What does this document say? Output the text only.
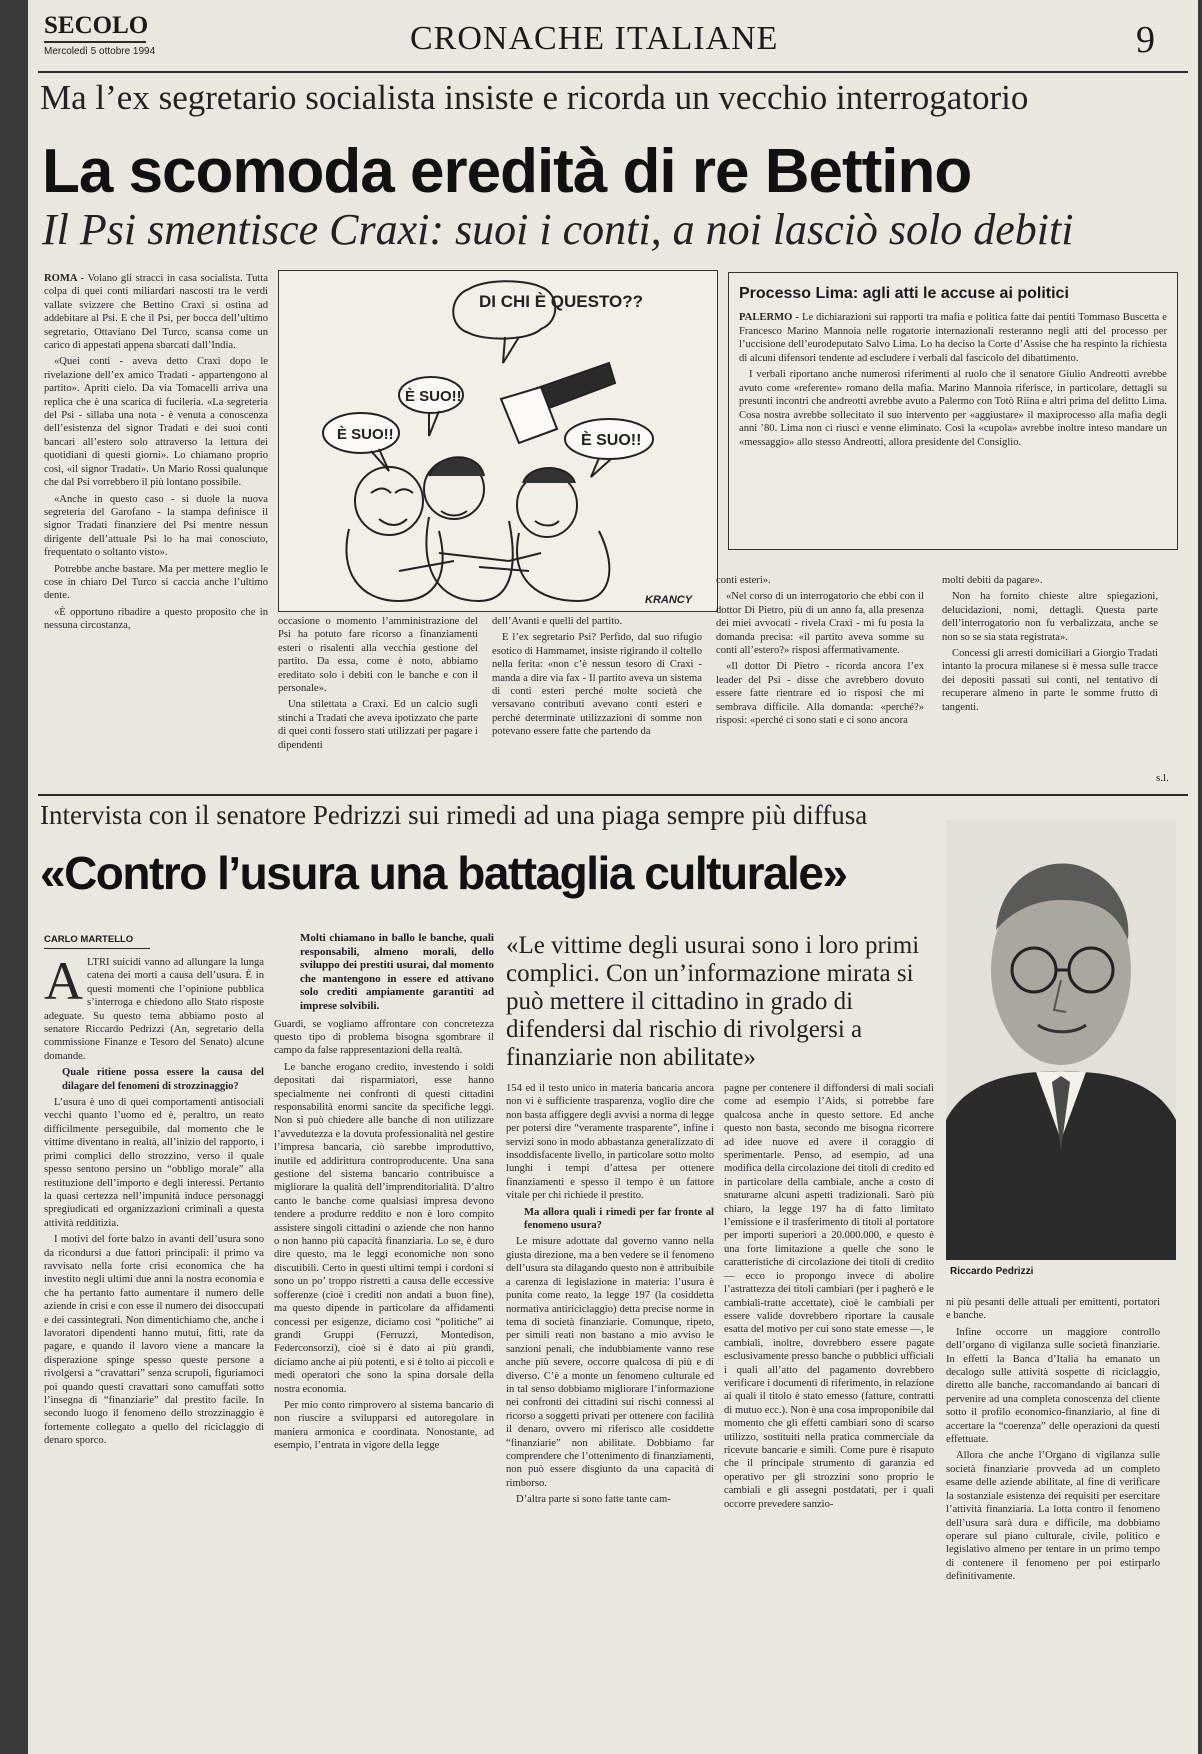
SECOLO
Mercoledì 5 ottobre 1994	CRONACHE ITALIANE	9
Ma l’ex segretario socialista insiste e ricorda un vecchio interrogatorio
La scomoda eredità di re Bettino
Il Psi smentisce Craxi: suoi i conti, a noi lasciò solo debiti

ROMA - Volano gli stracci in casa socialista. Tutta colpa di quei conti miliardari nascosti tra le verdi vallate svizzere che Bettino Craxi si ostina ad addebitare al Psi. E che il Psi, per bocca dell’ultimo segretario, Ottaviano Del Turco, scansa come un carico di appestati appena sbarcati dall’India.

«Quei conti - aveva detto Craxi dopo le rivelazione dell’ex amico Tradati - appartengono al partito». Apriti cielo. Da via Tomacelli arriva una replica che è una scarica di fucileria. «La segreteria del Psi - sillaba una nota - è venuta a conoscenza dell’esistenza del signor Tradati e dei suoi conti bancari all’estero solo attraverso la lettura dei quotidiani di questi giorni». Lo chiamano proprio così, «il signor Tradati». Un Mario Rossi qualunque che dal Psi vorrebbero il più lontano possibile.

«Anche in questo caso - si duole la nuova segreteria del Garofano - la stampa definisce il signor Tradati finanziere del Psi mentre nessun dirigente dell’attuale Psi lo ha mai conosciuto, frequentato o soltanto visto».

Potrebbe anche bastare. Ma per mettere meglio le cose in chiaro Del Turco si caccia anche l’ultimo dente.

«È opportuno ribadire a questo proposito che in nessuna circostanza,

DI CHI È QUESTO??
È SUO!!
È SUO!!
È SUO!!
KRANCY
Processo Lima: agli atti le accuse ai politici

PALERMO - Le dichiarazioni sui rapporti tra mafia e politica fatte dai pentiti Tommaso Buscetta e Francesco Marino Mannoia nelle rogatorie internazionali resteranno negli atti del processo per l’uccisione dell’eurodeputato Salvo Lima. Lo ha deciso la Corte d’Assise che ha respinto la richiesta di alcuni difensori tendente ad escludere i verbali dal fascicolo del dibattimento.

I verbali riportano anche numerosi riferimenti al ruolo che il senatore Giulio Andreotti avrebbe avuto come «referente» romano della mafia. Marino Mannoia riferisce, in particolare, dettagli su presunti incontri che andreotti avrebbe avuto a Palermo con Totò Riina e altri prima del delitto Lima. Cosa nostra avrebbe sollecitato il suo intervento per «aggiustare» il maxiprocesso alla mafia degli anni ’80. Lima non ci riuscì e venne eliminato. Così la «cupola» avrebbe inoltre inteso mandare un «messaggio» allo stesso Andreotti, allora presidente del Consiglio.

occasione o momento l’amministrazione del Psi ha potuto fare ricorso a finanziamenti esteri o risalenti alla vecchia gestione del partito. Da essa, come è noto, abbiamo ereditato solo i debiti con le banche e con il personale».

Una stilettata a Craxi. Ed un calcio sugli stinchi a Tradati che aveva ipotizzato che parte di quei conti fossero stati utilizzati per pagare i dipendenti

dell’Avanti e quelli del partito.

E l’ex segretario Psi? Perfido, dal suo rifugio esotico di Hammamet, insiste rigirando il coltello nella ferita: «non c’è nessun tesoro di Craxi - manda a dire via fax - Il partito aveva un sistema di conti esteri perché molte società che versavano contributi avevano conti esteri e perché determinate utilizzazioni di somme non potevano essere fatte che partendo da

conti esteri».

«Nel corso di un interrogatorio che ebbi con il dottor Di Pietro, più di un anno fa, alla presenza dei miei avvocati - rivela Craxi - mi fu posta la domanda precisa: «il partito aveva somme su conti all’estero?» risposi affermativamente.

«Il dottor Di Pietro - ricorda ancora l’ex leader del Psi - disse che avrebbero dovuto essere fatte rientrare ed io risposi che mi sembrava difficile. Alla domanda: «perché?» risposi: «perché ci sono stati e ci sono ancora

molti debiti da pagare».

Non ha fornito chieste altre spiegazioni, delucidazioni, nomi, dettagli. Questa parte dell’interrogatorio non fu verbalizzata, anche se non so se sia stata registrata».

Concessi gli arresti domiciliari a Giorgio Tradati intanto la procura milanese si è messa sulle tracce dei depositi passati sui conti, nel tentativo di recuperare almeno in parte le somme frutto di tangenti.

s.l.
Intervista con il senatore Pedrizzi sui rimedi ad una piaga sempre più diffusa
«Contro l’usura una battaglia culturale»
Riccardo Pedrizzi
CARLO MARTELLO

ALTRI suicidi vanno ad allungare la lunga catena dei morti a causa dell’usura. È in questi momenti che l’opinione pubblica s’interroga e chiedono allo Stato risposte adeguate. Su questo tema abbiamo posto al senatore Riccardo Pedrizzi (An, segretario della commissione Finanze e Tesoro del Senato) alcune domande.

Quale ritiene possa essere la causa del dilagare del fenomeni di strozzinaggio?

L’usura è uno di quei comportamenti antisociali vecchi quanto l’uomo ed è, peraltro, un reato difficilmente perseguibile, dal momento che le vittime diventano in realtà, all’inizio del rapporto, i primi complici dello strozzino, verso il quale spesso sentono persino un “obbligo morale” alla restituzione dell’importo e degli interessi. Pertanto la quasi certezza nell’impunità induce personaggi spregiudicati ed organizzazioni criminali a questa attività redditizia.

I motivi del forte balzo in avanti dell’usura sono da ricondursi a due fattori principali: il primo va ravvisato nella forte crisi economica che ha investito negli ultimi due anni la nostra economia e che ha pertanto fatto aumentare il numero delle aziende in crisi e con esse il numero dei disoccupati e dei cassintegrati. Non dimentichiamo che, anche i lavoratori dipendenti hanno mutui, fitti, rate da pagare, e quando il lavoro viene a mancare la disperazione spinge spesso queste persone a rivolgersi a “cravattari” senza scrupoli, figuriamoci poi quando questi cravattari sono camuffati sotto l’insegna di “finanziarie” dal prestito facile. In secondo luogo il fenomeno dello strozzinaggio è fortemente collegato a quello del riciclaggio di denaro sporco.

Molti chiamano in ballo le banche, quali responsabili, almeno morali, dello sviluppo dei prestiti usurai, dal momento che mantengono in essere ed attivano solo crediti ampiamente garantiti ad imprese solvibili.

Guardi, se vogliamo affrontare con concretezza questo tipo di problema bisogna sgombrare il campo da false rappresentazioni della realtà.

Le banche erogano credito, investendo i soldi depositati dai risparmiatori, esse hanno specialmente nei confronti di questi cittadini responsabilità enormi sancite da specifiche leggi. Non si può chiedere alle banche di non utilizzare l’avvedutezza e la dovuta professionalità nel gestire l’impresa bancaria, ciò sarebbe improduttivo, inutile ed addirittura controproducente. Una sana gestione del sistema bancario contribuisce a migliorare la qualità dell’imprenditorialità. D’altro canto le banche come qualsiasi impresa devono tendere a produrre reddito e non è loro compito assistere singoli cittadini o aziende che non hanno o non hanno più capacità finanziaria. Lo se, è duro dire questo, ma le leggi economiche non sono discutibili. Certo in questi ultimi tempi i cordoni si sono un po’ troppo ristretti a causa delle eccessive sofferenze (cioè i crediti non andati a buon fine), ma questo dipende in particolare da affidamenti concessi per esigenze, diciamo così “politiche” ai grandi Gruppi (Ferruzzi, Montedison, Federconsorzi), cioè si è dato ai più grandi, diciamo anche ai più potenti, e si è tolto ai piccoli e medi operatori che sono la spina dorsale della nostra economia.

Per mio conto rimprovero al sistema bancario di non riuscire a svilupparsi ed autoregolare in maniera armonica e coordinata. Nonostante, ad esempio, l’entrata in vigore della legge

«Le vittime degli usurai sono i loro primi complici. Con un’informazione mirata si può mettere il cittadino in grado di difendersi dal rischio di rivolgersi a finanziarie non abilitate»

154 ed il testo unico in materia bancaria ancora non vi è sufficiente trasparenza, voglio dire che non basta affiggere degli avvisi a norma di legge per potersi dire “veramente trasparente”, infine i servizi sono in modo abbastanza generalizzato di insoddisfacente livello, in particolare sotto molto lunghi i tempi d’attesa per ottenere finanziamenti e spesso il tempo è un fattore vitale per chi richiede il prestito.

Ma allora quali i rimedi per far fronte al fenomeno usura?

Le misure adottate dal governo vanno nella giusta direzione, ma a ben vedere se il fenomeno dell’usura sta dilagando questo non è attribuibile a carenza di legislazione in materia: l’usura è punita come reato, la legge 197 (la cosiddetta normativa antiriciclaggio) detta precise norme in tema di società finanziarie. Comunque, ripeto, per simili reati non bastano a mio avviso le sanzioni penali, che indubbiamente vanno rese anche più severe, occorre qualcosa di più e di diverso. C’è a monte un fenomeno culturale ed in tal senso dobbiamo migliorare l’informazione nei confronti dei cittadini sui rischi connessi al ricorso a soggetti privati per ottenere con facilità il denaro, ovvero mi riferisco alle cosiddette “finanziarie” non abilitate. Dobbiamo far comprendere che l’ottenimento di finanziamenti, non può essere disgiunto da una capacità di rimborso.

D’altra parte si sono fatte tante cam-

pagne per contenere il diffondersi di mali sociali come ad esempio l’Aids, si potrebbe fare qualcosa anche in questo settore. Ed anche questo non basta, secondo me bisogna ricorrere ad idee nuove ed avere il coraggio di sperimentarle. Penso, ad esempio, ad una modifica della circolazione dei titoli di credito ed in particolare della cambiale, anche a costo di snaturarne alcuni aspetti tradizionali. Sarò più chiaro, la legge 197 ha di fatto limitato l’emissione e il trasferimento di titoli al portatore per importi superiori a 20.000.000, e questo è una forte limitazione a quelle che sono le caratteristiche di circolazione dei titoli di credito — ecco io propongo invece di abolire l’astrattezza dei titoli cambiari (per i pagherò e le cambiali-tratte accettate), cioè le cambiali per essere valide dovrebbero riportare la causale esatta del motivo per cui sono state emesse —, le cambiali, inoltre, dovrebbero essere pagate esclusivamente presso banche o pubblici ufficiali i quali all’atto del pagamento dovrebbero verificare i documenti di riferimento, in relazione ai quali il titolo è stato emesso (fatture, contratti di mutuo ecc.). Non è una cosa improponibile dal momento che gli effetti cambiari sono di scarso utilizzo, sostituiti nella pratica commerciale da ricevute bancarie e simili. Come pure è risaputo che il principale strumento di garanzia ed operativo per gli strozzini sono proprio le cambiali e gli assegni postdatati, per i quali occorre prevedere sanzio-

ni più pesanti delle attuali per emittenti, portatori e banche.

Infine occorre un maggiore controllo dell’organo di vigilanza sulle società finanziarie. In effetti la Banca d’Italia ha emanato un decalogo sulle attività sospette di riciclaggio, diretto alle banche, raccomandando ai bancari di pervenire ad una completa conoscenza del cliente sotto il profilo economico-finanziario, al fine di accertare la “coerenza” delle operazioni da questi effettuate.

Allora che anche l’Organo di vigilanza sulle società finanziarie provveda ad un completo esame delle aziende abilitate, al fine di verificare la sostanziale esistenza dei requisiti per esercitare l’attività finanziaria. La lotta contro il fenomeno dell’usura sarà dura e difficile, ma dobbiamo operare sul piano culturale, civile, politico e legislativo almeno per tentare in un primo tempo di contenere il fenomeno per poi estirparlo definitivamente.
